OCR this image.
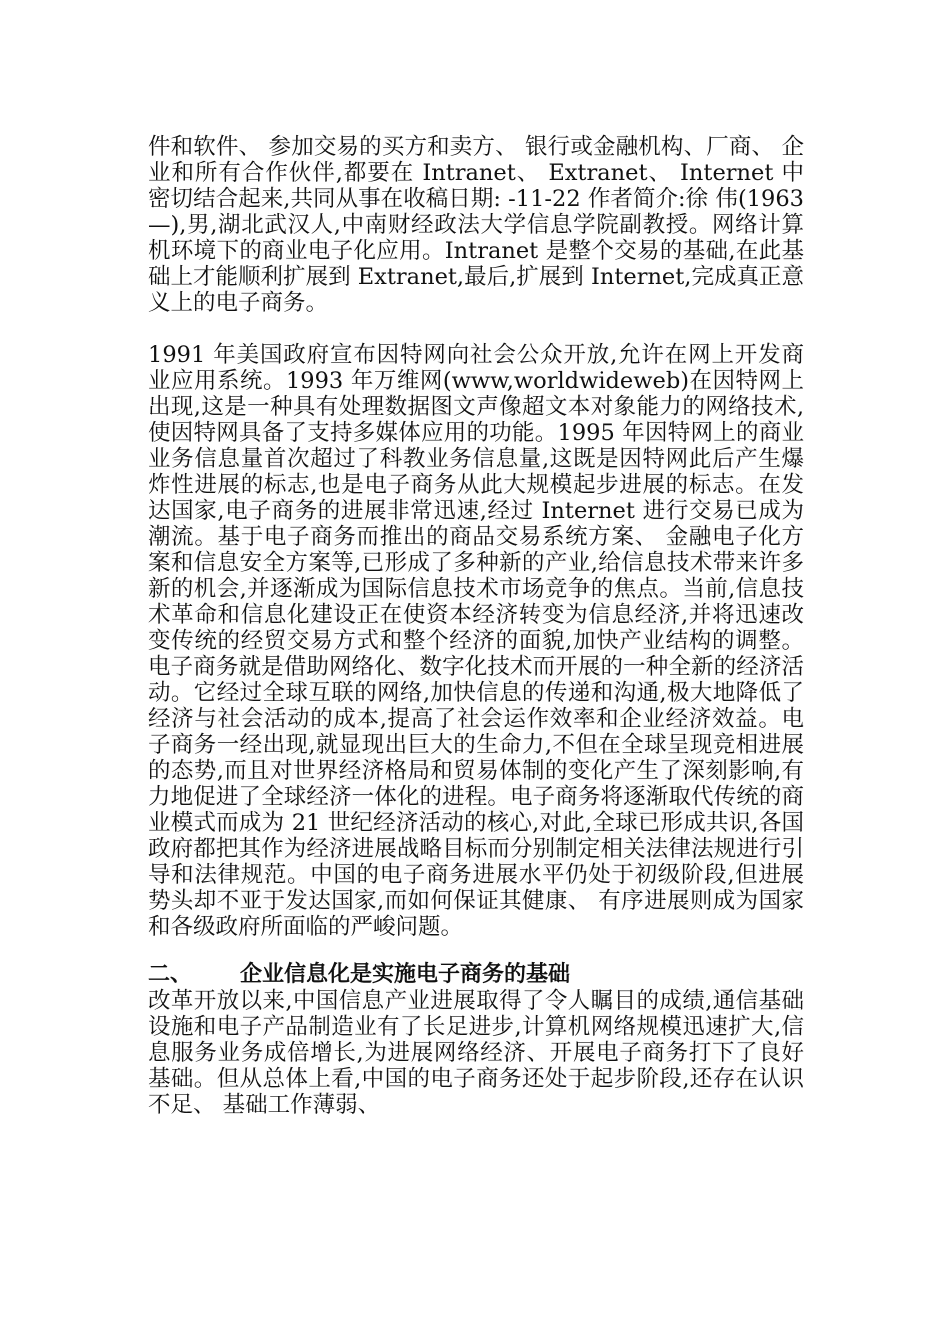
件和软件、 参加交易的买方和卖方、 银行或金融机构、厂商、 企业和所有合作伙伴,都要在 Intranet、 Extranet、 Internet 中密切结合起来,共同从事在收稿日期: -11-22 作者简介:徐 伟(1963—),男,湖北武汉人,中南财经政法大学信息学院副教授。网络计算机环境下的商业电子化应用。Intranet 是整个交易的基础,在此基础上才能顺利扩展到 Extranet,最后,扩展到 Internet,完成真正意义上的电子商务。

1991 年美国政府宣布因特网向社会公众开放,允许在网上开发商业应用系统。1993 年万维网(www,worldwideweb)在因特网上出现,这是一种具有处理数据图文声像超文本对象能力的网络技术,使因特网具备了支持多媒体应用的功能。1995 年因特网上的商业业务信息量首次超过了科教业务信息量,这既是因特网此后产生爆炸性进展的标志,也是电子商务从此大规模起步进展的标志。在发达国家,电子商务的进展非常迅速,经过 Internet 进行交易已成为潮流。基于电子商务而推出的商品交易系统方案、 金融电子化方案和信息安全方案等,已形成了多种新的产业,给信息技术带来许多新的机会,并逐渐成为国际信息技术市场竞争的焦点。当前,信息技术革命和信息化建设正在使资本经济转变为信息经济,并将迅速改变传统的经贸交易方式和整个经济的面貌,加快产业结构的调整。电子商务就是借助网络化、数字化技术而开展的一种全新的经济活动。它经过全球互联的网络,加快信息的传递和沟通,极大地降低了经济与社会活动的成本,提高了社会运作效率和企业经济效益。电子商务一经出现,就显现出巨大的生命力,不但在全球呈现竞相进展的态势,而且对世界经济格局和贸易体制的变化产生了深刻影响,有力地促进了全球经济一体化的进程。电子商务将逐渐取代传统的商业模式而成为 21 世纪经济活动的核心,对此,全球已形成共识,各国政府都把其作为经济进展战略目标而分别制定相关法律法规进行引导和法律规范。中国的电子商务进展水平仍处于初级阶段,但进展势头却不亚于发达国家,而如何保证其健康、 有序进展则成为国家和各级政府所面临的严峻问题。

二、 企业信息化是实施电子商务的基础

改革开放以来,中国信息产业进展取得了令人瞩目的成绩,通信基础设施和电子产品制造业有了长足进步,计算机网络规模迅速扩大,信息服务业务成倍增长,为进展网络经济、开展电子商务打下了良好基础。但从总体上看,中国的电子商务还处于起步阶段,还存在认识不足、 基础工作薄弱、
